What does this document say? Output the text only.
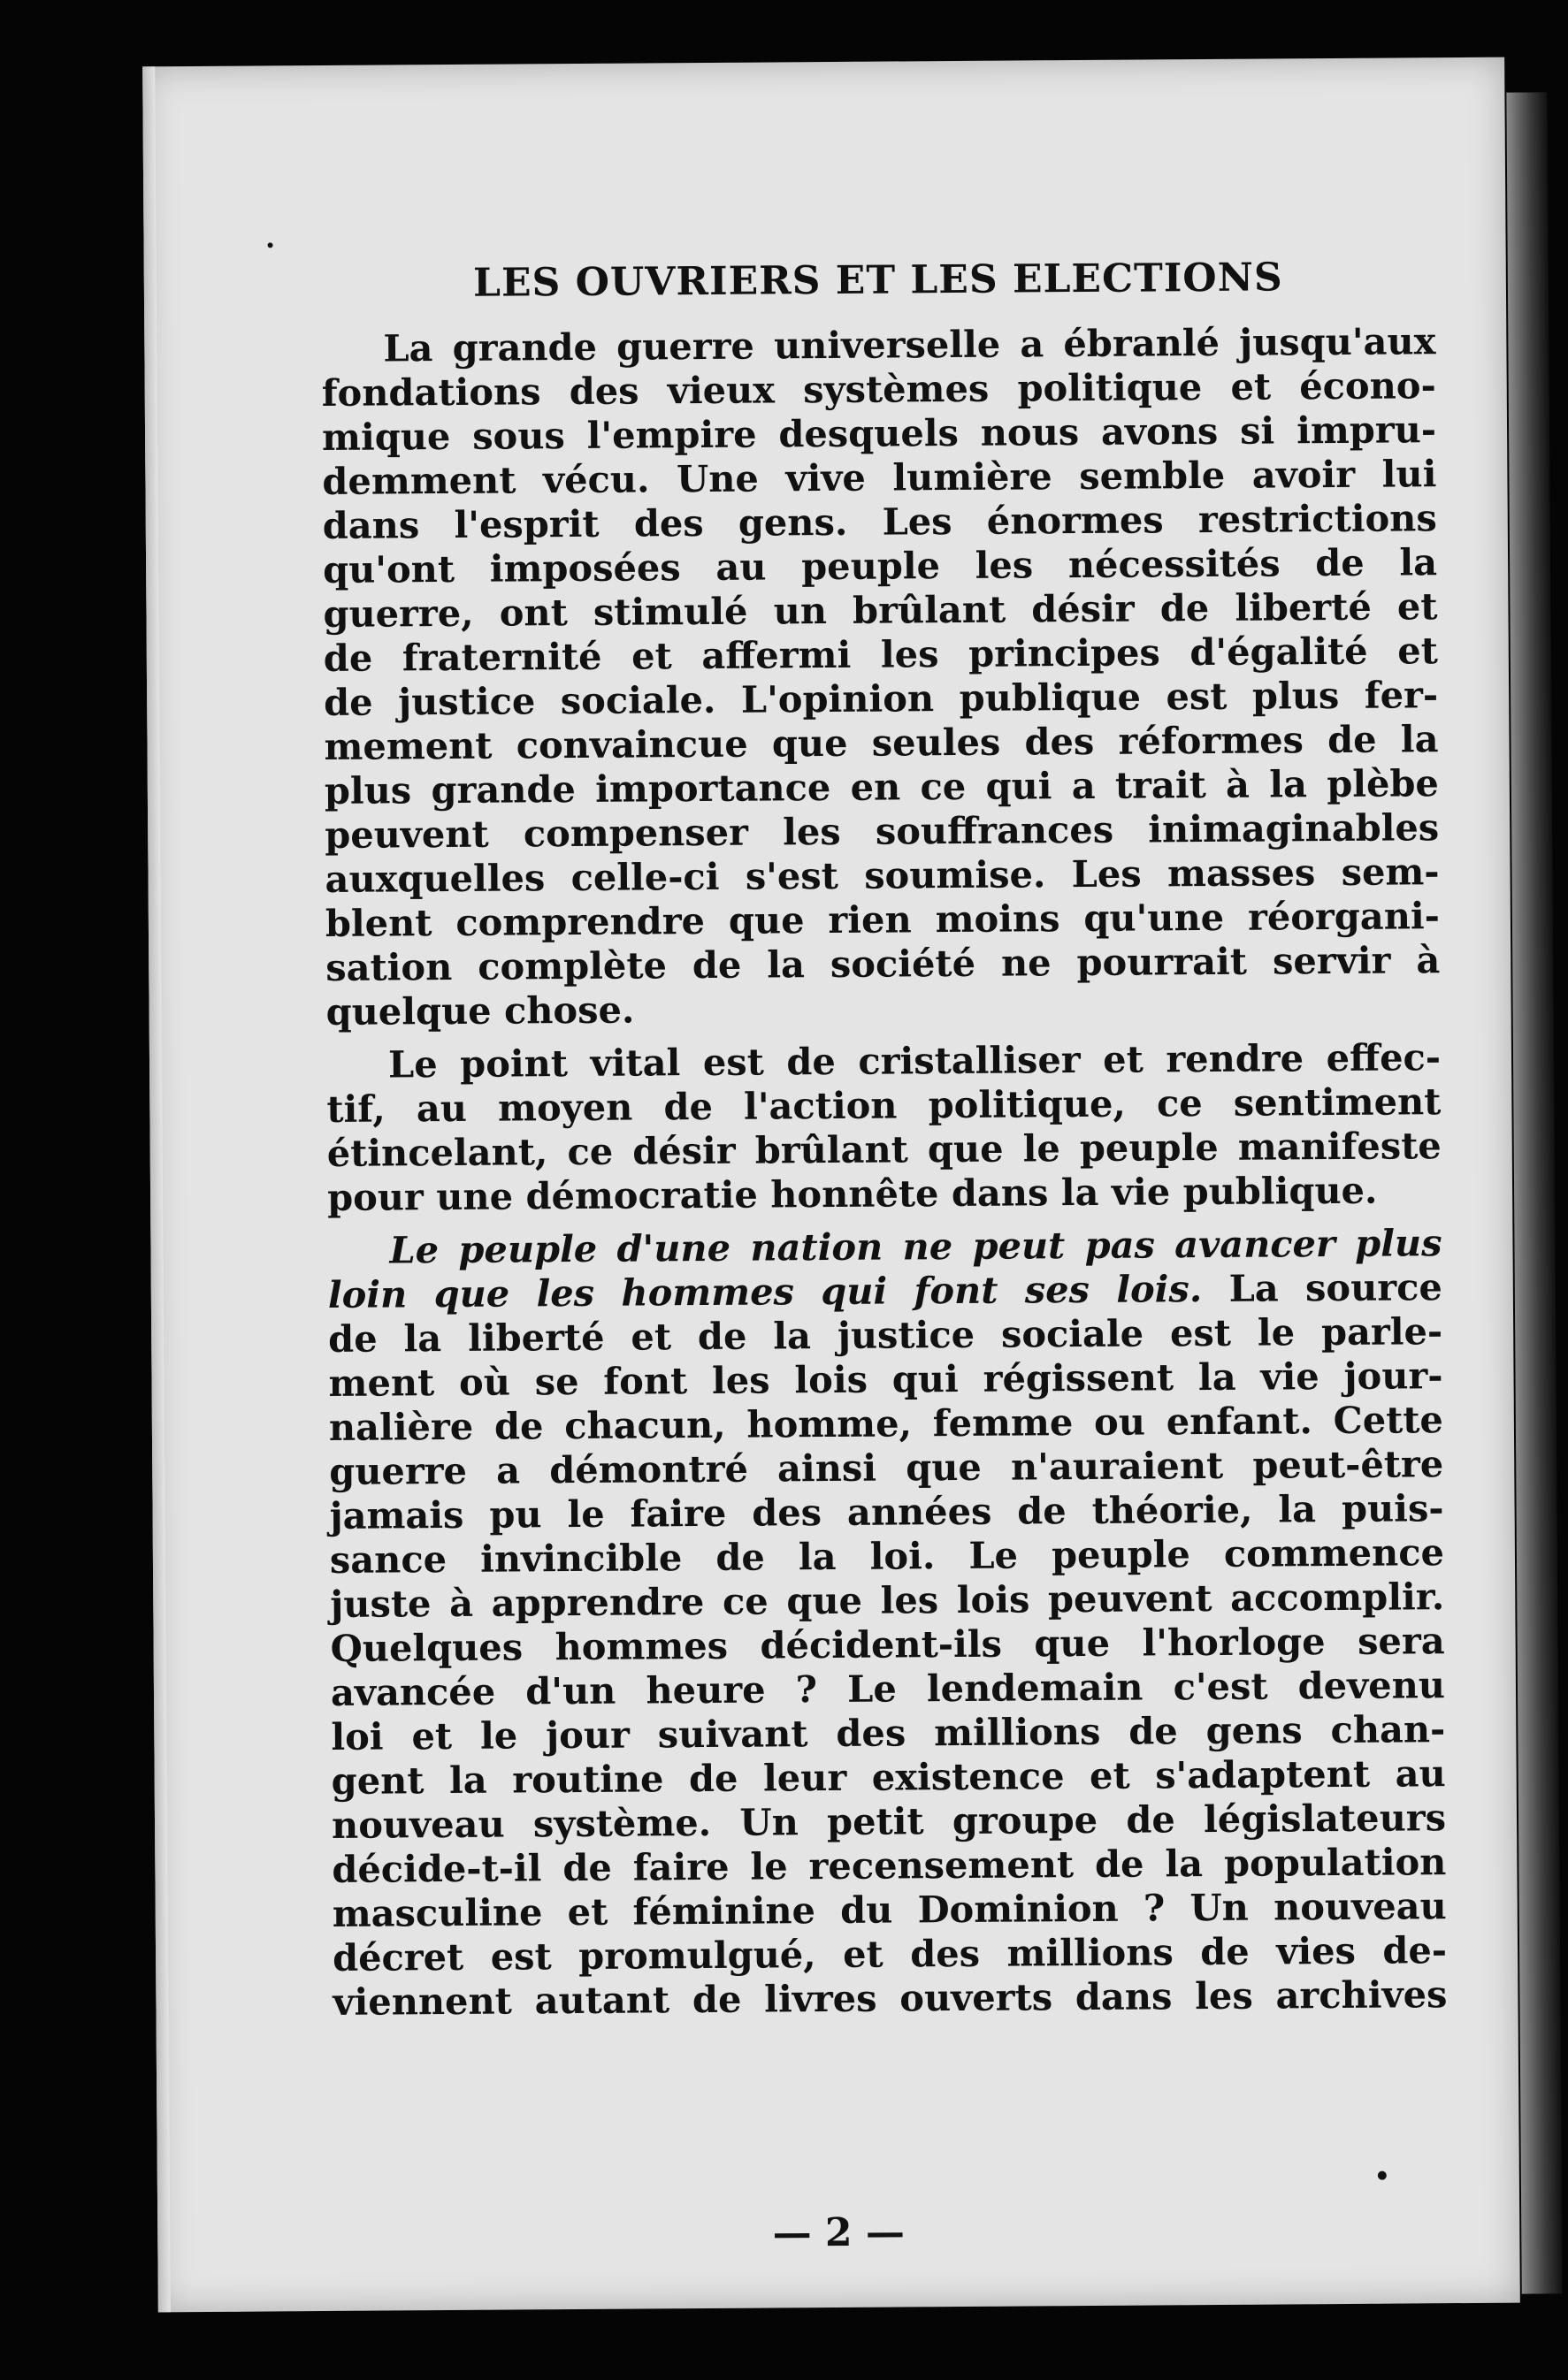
LES OUVRIERS ET LES ELECTIONS

La grande guerre universelle a ébranlé jusqu'aux
fondations des vieux systèmes politique et écono-
mique sous l'empire desquels nous avons si impru-
demment vécu. Une vive lumière semble avoir lui
dans l'esprit des gens. Les énormes restrictions
qu'ont imposées au peuple les nécessités de la
guerre, ont stimulé un brûlant désir de liberté et
de fraternité et affermi les principes d'égalité et
de justice sociale. L'opinion publique est plus fer-
mement convaincue que seules des réformes de la
plus grande importance en ce qui a trait à la plèbe
peuvent compenser les souffrances inimaginables
auxquelles celle-ci s'est soumise. Les masses sem-
blent comprendre que rien moins qu'une réorgani-
sation complète de la société ne pourrait servir à
quelque chose.

Le point vital est de cristalliser et rendre effec-
tif, au moyen de l'action politique, ce sentiment
étincelant, ce désir brûlant que le peuple manifeste
pour une démocratie honnête dans la vie publique.

Le peuple d'une nation ne peut pas avancer plus
loin que les hommes qui font ses lois. La source
de la liberté et de la justice sociale est le parle-
ment où se font les lois qui régissent la vie jour-
nalière de chacun, homme, femme ou enfant. Cette
guerre a démontré ainsi que n'auraient peut-être
jamais pu le faire des années de théorie, la puis-
sance invincible de la loi. Le peuple commence
juste à apprendre ce que les lois peuvent accomplir.
Quelques hommes décident-ils que l'horloge sera
avancée d'un heure ? Le lendemain c'est devenu
loi et le jour suivant des millions de gens chan-
gent la routine de leur existence et s'adaptent au
nouveau système. Un petit groupe de législateurs
décide-t-il de faire le recensement de la population
masculine et féminine du Dominion ? Un nouveau
décret est promulgué, et des millions de vies de-
viennent autant de livres ouverts dans les archives

— 2 —
